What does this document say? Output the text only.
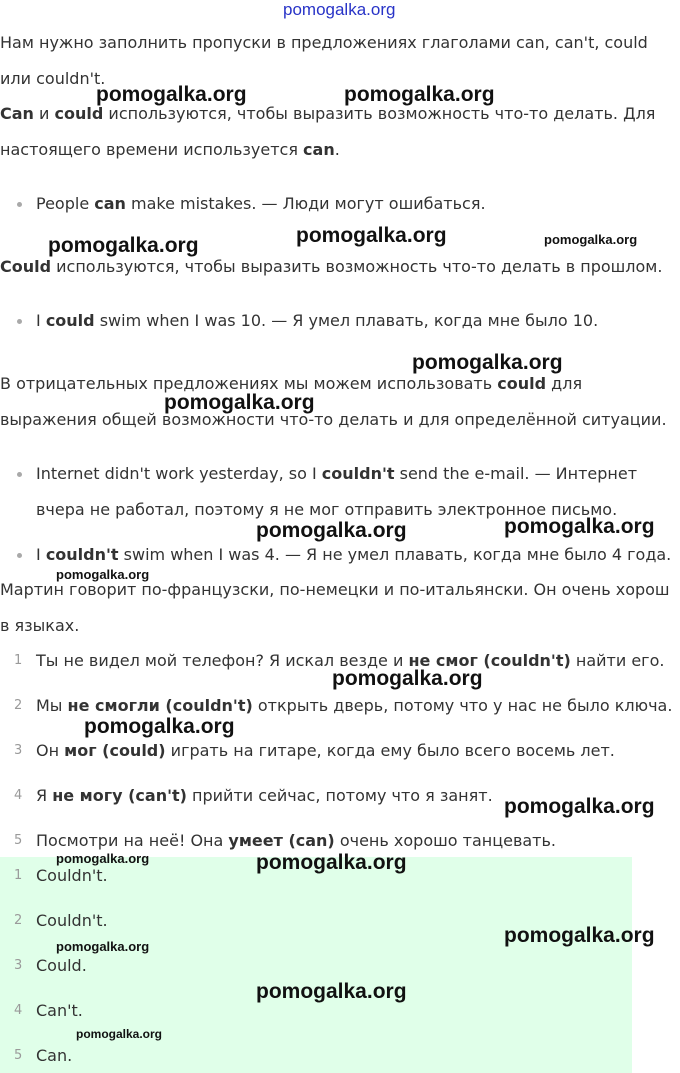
pomogalka.org

Нам нужно заполнить пропуски в предложениях глаголами can, can't, could

или couldn't.

Can и could используются, чтобы выразить возможность что-то делать. Для

настоящего времени используется can.

People can make mistakes. — Люди могут ошибаться.

Could используются, чтобы выразить возможность что-то делать в прошлом.

I could swim when I was 10. — Я умел плавать, когда мне было 10.

В отрицательных предложениях мы можем использовать could для

выражения общей возможности что-то делать и для определённой ситуации.

Internet didn't work yesterday, so I couldn't send the e-mail. — Интернет
вчера не работал, поэтому я не мог отправить электронное письмо.
I couldn't swim when I was 4. — Я не умел плавать, когда мне было 4 года.

Мартин говорит по-французски, по-немецки и по-итальянски. Он очень хорош

в языках.

1 Ты не видел мой телефон? Я искал везде и не смог (couldn't) найти его.
2 Мы не смогли (couldn't) открыть дверь, потому что у нас не было ключа.
3 Он мог (could) играть на гитаре, когда ему было всего восемь лет.
4 Я не могу (can't) прийти сейчас, потому что я занят.
5 Посмотри на неё! Она умеет (can) очень хорошо танцевать.
1 Couldn't.
2 Couldn't.
3 Could.
4 Can't.
5 Can.
pomogalka.org	pomogalka.org
pomogalka.org	pomogalka.org	pomogalka.org
pomogalka.org
pomogalka.org
pomogalka.org	pomogalka.org
pomogalka.org
pomogalka.org
pomogalka.org
pomogalka.org
pomogalka.org	pomogalka.org
pomogalka.org	pomogalka.org
pomogalka.org
pomogalka.org
